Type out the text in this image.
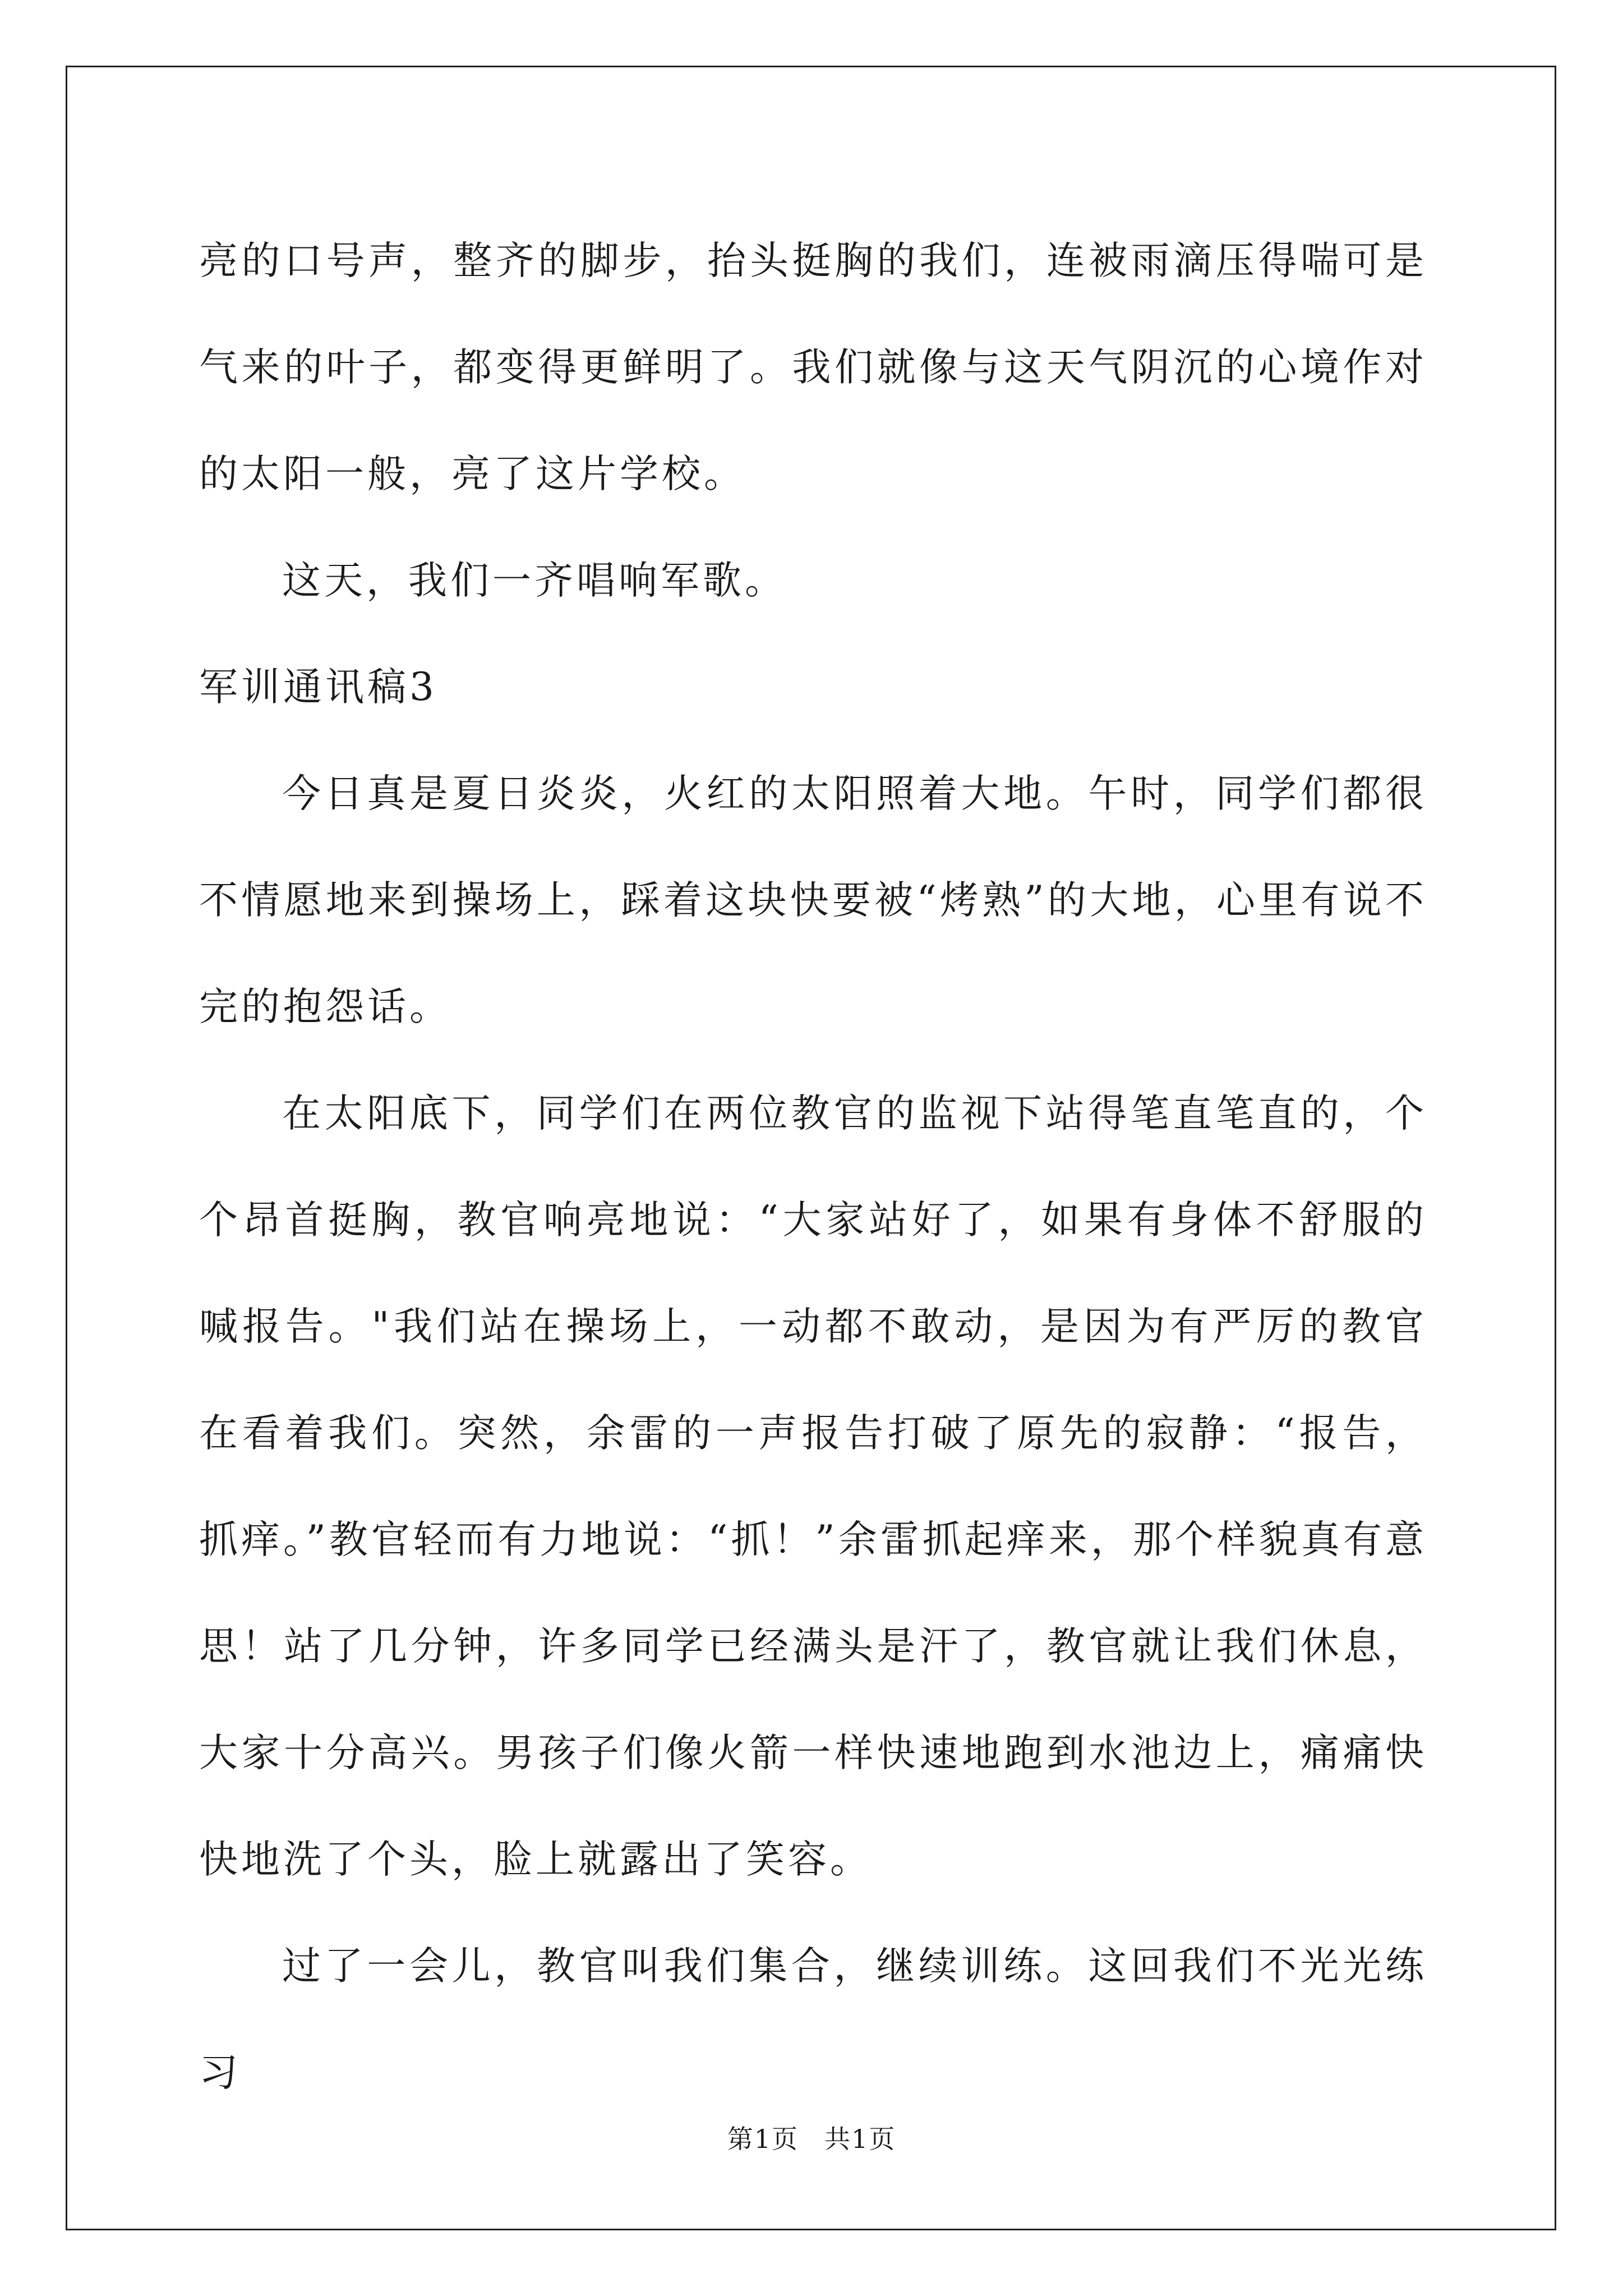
亮的口号声，整齐的脚步，抬头挺胸的我们，连被雨滴压得喘可是气来的叶子，都变得更鲜明了。我们就像与这天气阴沉的心境作对的太阳一般，亮了这片学校。

这天，我们一齐唱响军歌。

军训通讯稿3

今日真是夏日炎炎，火红的太阳照着大地。午时，同学们都很不情愿地来到操场上，踩着这块快要被“烤熟”的大地，心里有说不完的抱怨话。

在太阳底下，同学们在两位教官的监视下站得笔直笔直的，个个昂首挺胸，教官响亮地说：“大家站好了，如果有身体不舒服的喊报告。"我们站在操场上，一动都不敢动，是因为有严厉的教官在看着我们。突然，余雷的一声报告打破了原先的寂静：“报告，抓痒。”教官轻而有力地说：“抓！”余雷抓起痒来，那个样貌真有意思！站了几分钟，许多同学已经满头是汗了，教官就让我们休息，大家十分高兴。男孩子们像火箭一样快速地跑到水池边上，痛痛快快地洗了个头，脸上就露出了笑容。

过了一会儿，教官叫我们集合，继续训练。这回我们不光光练习

第1页 共1页
